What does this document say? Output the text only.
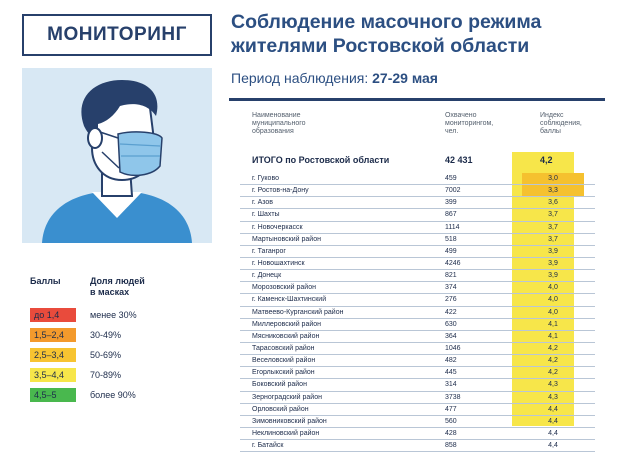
МОНИТОРИНГ
Соблюдение масочного режима
жителями Ростовской области
Период наблюдения: 27-29 мая
Баллы	Доля людей
в масках
до 1,4	менее 30%
1,5–2,4	30-49%
2,5–3,4	50-69%
3,5–4,4	70-89%
4,5–5	более 90%
Наименование
муниципального
образования
Охвачено
мониторингом,
чел.
Индекс
соблюдения,
баллы
ИТОГО по Ростовской области	42 431	4,2
г. Гуково	459	3,0
г. Ростов-на-Дону	7002	3,3
г. Азов	399	3,6
г. Шахты	867	3,7
г. Новочеркасск	1114	3,7
Мартыновский район	518	3,7
г. Таганрог	499	3,9
г. Новошахтинск	4246	3,9
г. Донецк	821	3,9
Морозовский район	374	4,0
г. Каменск-Шахтинский	276	4,0
Матвеево-Курганский район	422	4,0
Миллеровский район	630	4,1
Мясниковский район	364	4,1
Тарасовский район	1046	4,2
Веселовский район	482	4,2
Егорлыкский район	445	4,2
Боковский район	314	4,3
Зерноградский район	3738	4,3
Орловский район	477	4,4
Зимовниковский район	560	4,4
Неклиновский район	428	4,4
г. Батайск	858	4,4
